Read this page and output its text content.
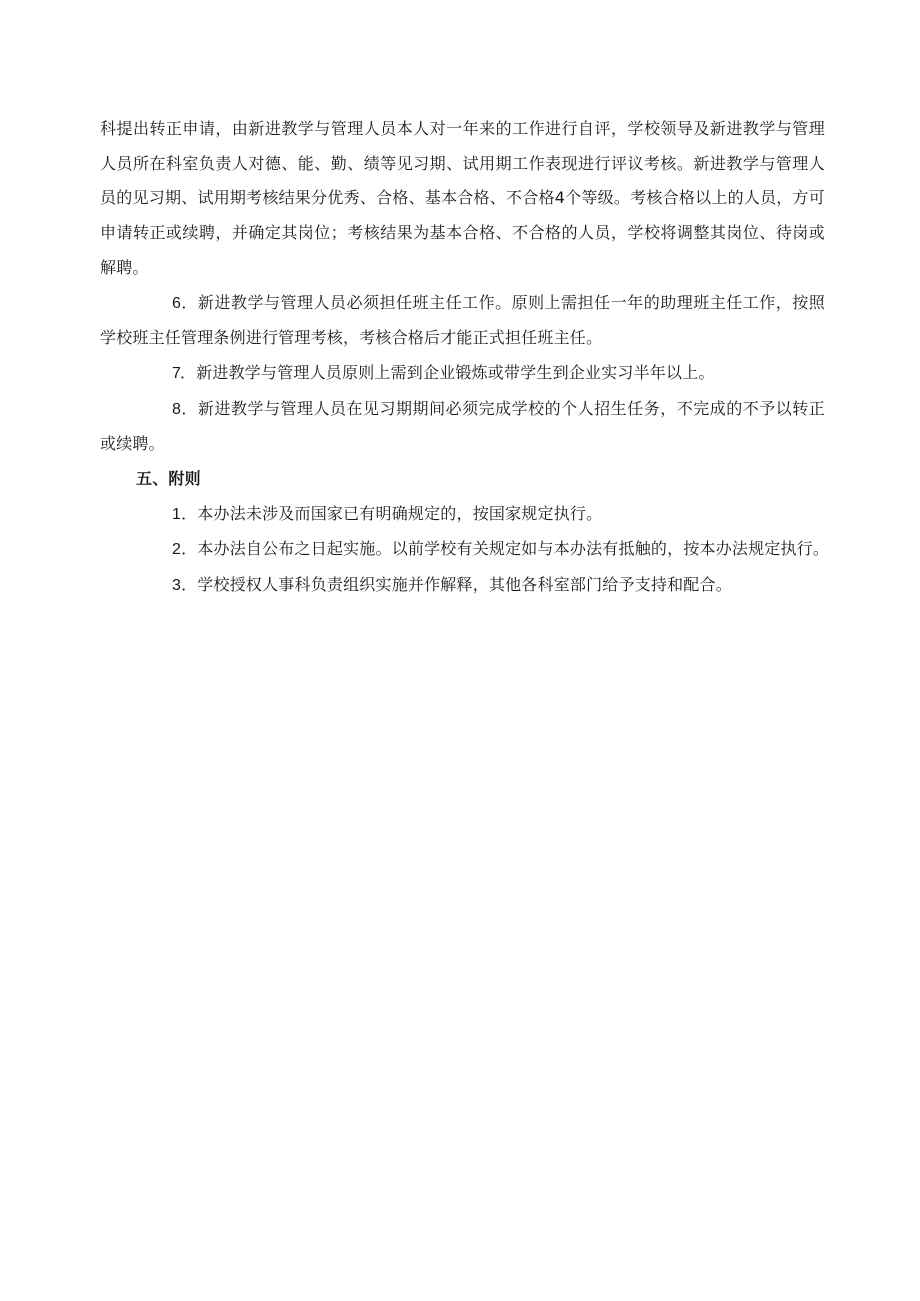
科提出转正申请，由新进教学与管理人员本人对一年来的工作进行自评，学校领导及新进教学与管理人员所在科室负责人对德、能、勤、绩等见习期、试用期工作表现进行评议考核。新进教学与管理人员的见习期、试用期考核结果分优秀、合格、基本合格、不合格4个等级。考核合格以上的人员，方可申请转正或续聘，并确定其岗位；考核结果为基本合格、不合格的人员，学校将调整其岗位、待岗或解聘。

6．新进教学与管理人员必须担任班主任工作。原则上需担任一年的助理班主任工作，按照学校班主任管理条例进行管理考核，考核合格后才能正式担任班主任。

7．新进教学与管理人员原则上需到企业锻炼或带学生到企业实习半年以上。

8．新进教学与管理人员在见习期期间必须完成学校的个人招生任务，不完成的不予以转正或续聘。

五、附则

1．本办法未涉及而国家已有明确规定的，按国家规定执行。

2．本办法自公布之日起实施。以前学校有关规定如与本办法有抵触的，按本办法规定执行。

3．学校授权人事科负责组织实施并作解释，其他各科室部门给予支持和配合。
